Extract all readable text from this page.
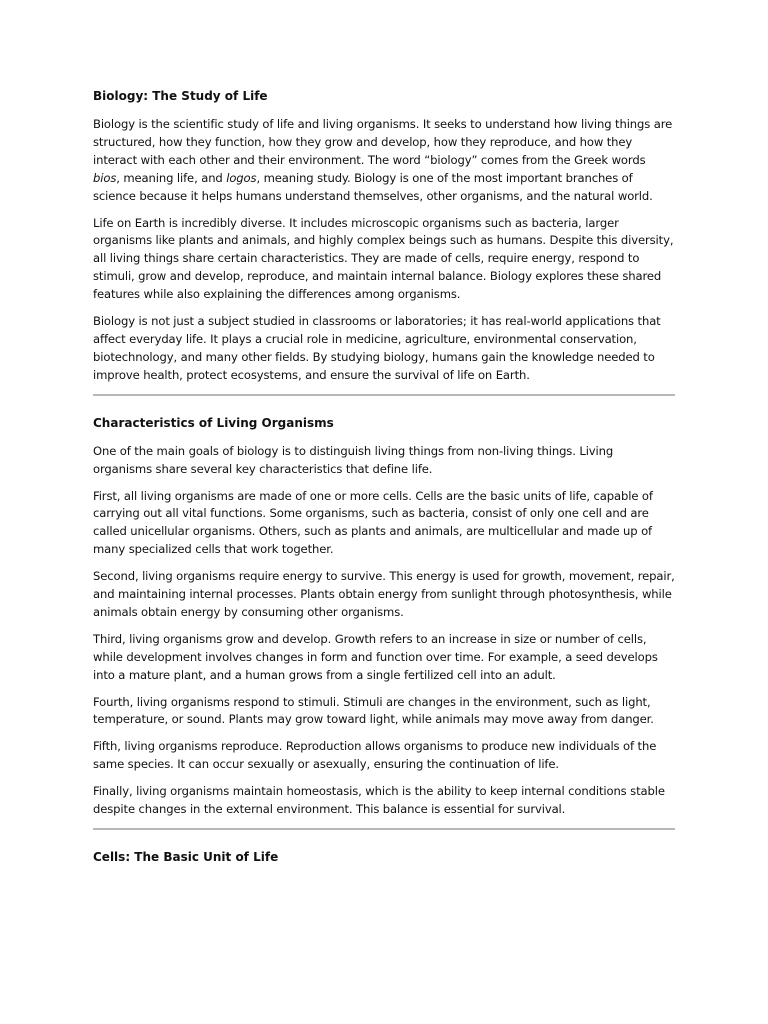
Biology: The Study of Life

Biology is the scientific study of life and living organisms. It seeks to understand how living things are structured, how they function, how they grow and develop, how they reproduce, and how they interact with each other and their environment. The word “biology” comes from the Greek words bios, meaning life, and logos, meaning study. Biology is one of the most important branches of science because it helps humans understand themselves, other organisms, and the natural world.

Life on Earth is incredibly diverse. It includes microscopic organisms such as bacteria, larger organisms like plants and animals, and highly complex beings such as humans. Despite this diversity, all living things share certain characteristics. They are made of cells, require energy, respond to stimuli, grow and develop, reproduce, and maintain internal balance. Biology explores these shared features while also explaining the differences among organisms.

Biology is not just a subject studied in classrooms or laboratories; it has real-world applications that affect everyday life. It plays a crucial role in medicine, agriculture, environmental conservation, biotechnology, and many other fields. By studying biology, humans gain the knowledge needed to improve health, protect ecosystems, and ensure the survival of life on Earth.

Characteristics of Living Organisms

One of the main goals of biology is to distinguish living things from non-living things. Living organisms share several key characteristics that define life.

First, all living organisms are made of one or more cells. Cells are the basic units of life, capable of carrying out all vital functions. Some organisms, such as bacteria, consist of only one cell and are called unicellular organisms. Others, such as plants and animals, are multicellular and made up of many specialized cells that work together.

Second, living organisms require energy to survive. This energy is used for growth, movement, repair, and maintaining internal processes. Plants obtain energy from sunlight through photosynthesis, while animals obtain energy by consuming other organisms.

Third, living organisms grow and develop. Growth refers to an increase in size or number of cells, while development involves changes in form and function over time. For example, a seed develops into a mature plant, and a human grows from a single fertilized cell into an adult.

Fourth, living organisms respond to stimuli. Stimuli are changes in the environment, such as light, temperature, or sound. Plants may grow toward light, while animals may move away from danger.

Fifth, living organisms reproduce. Reproduction allows organisms to produce new individuals of the same species. It can occur sexually or asexually, ensuring the continuation of life.

Finally, living organisms maintain homeostasis, which is the ability to keep internal conditions stable despite changes in the external environment. This balance is essential for survival.

Cells: The Basic Unit of Life
